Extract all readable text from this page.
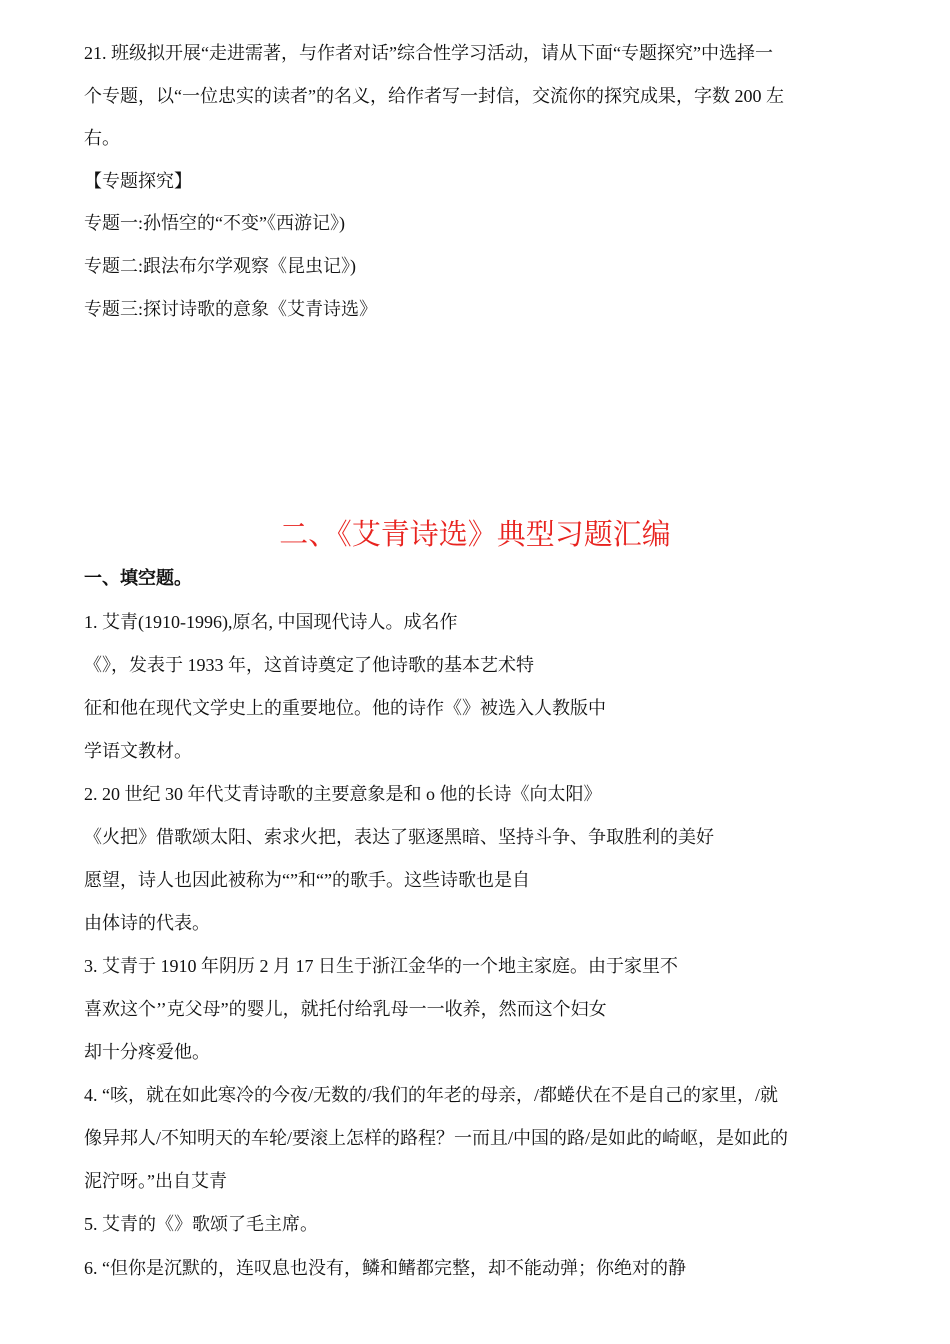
21. 班级拟开展“走进需著，与作者对话”综合性学习活动，请从下面“专题探究”中选择一

个专题，以“一位忠实的读者”的名义，给作者写一封信，交流你的探究成果，字数 200 左

右。

【专题探究】

专题一:孙悟空的“不变”《西游记》)

专题二:跟法布尔学观察《昆虫记》)

专题三:探讨诗歌的意象《艾青诗选》

二、《艾青诗选》典型习题汇编

一、填空题。

1. 艾青(1910-1996),原名, 中国现代诗人。成名作

《》，发表于 1933 年，这首诗奠定了他诗歌的基本艺术特

征和他在现代文学史上的重要地位。他的诗作《》被选入人教版中

学语文教材。

2. 20 世纪 30 年代艾青诗歌的主要意象是和 o 他的长诗《向太阳》

《火把》借歌颂太阳、索求火把，表达了驱逐黑暗、坚持斗争、争取胜利的美好

愿望，诗人也因此被称为“”和“”的歌手。这些诗歌也是自

由体诗的代表。

3. 艾青于 1910 年阴历 2 月 17 日生于浙江金华的一个地主家庭。由于家里不

喜欢这个’’克父母”的婴儿，就托付给乳母一一收养，然而这个妇女

却十分疼爱他。

4. “咳，就在如此寒冷的今夜/无数的/我们的年老的母亲，/都蜷伏在不是自己的家里，/就

像异邦人/不知明天的车轮/要滚上怎样的路程？一而且/中国的路/是如此的崎岖，是如此的

泥泞呀。”出自艾青

5. 艾青的《》歌颂了毛主席。

6. “但你是沉默的，连叹息也没有，鳞和鳍都完整，却不能动弹；你绝对的静
